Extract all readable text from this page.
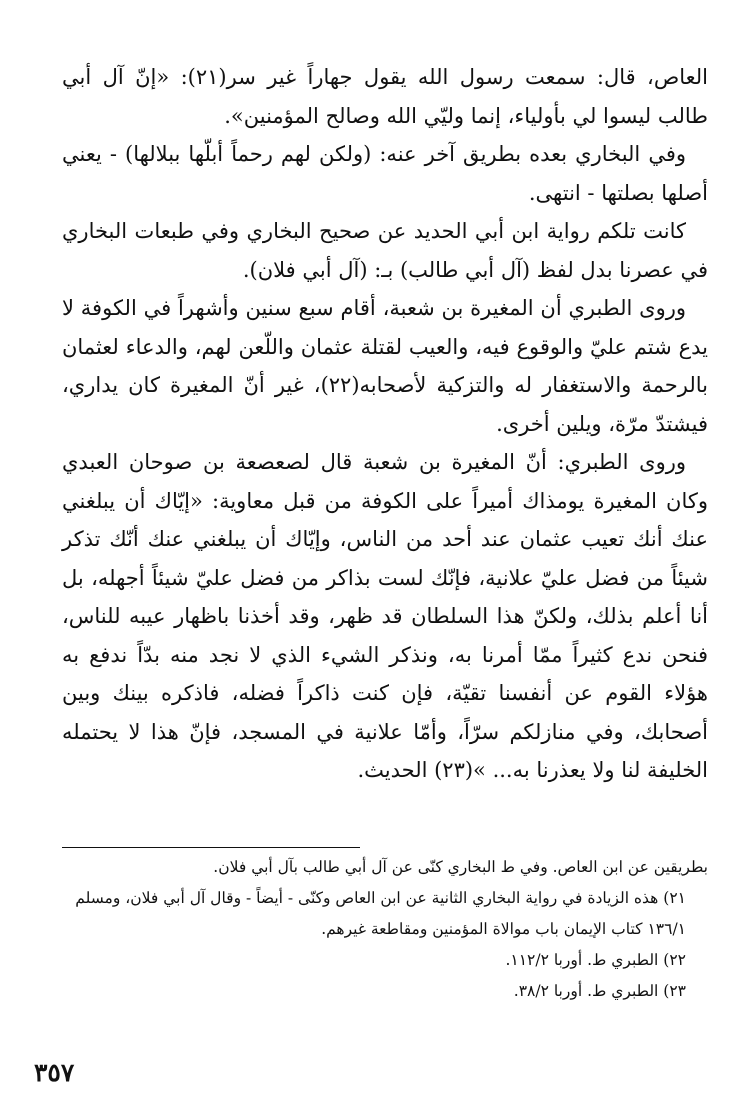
العاص، قال: سمعت رسول الله يقول جهاراً غير سر(٢١): «إنّ آل أبي طالب ليسوا لي بأولياء، إنما وليّي الله وصالح المؤمنين».

وفي البخاري بعده بطريق آخر عنه: (ولكن لهم رحماً أبلّها ببلالها) - يعني أصلها بصلتها - انتهى.

كانت تلكم رواية ابن أبي الحديد عن صحيح البخاري وفي طبعات البخاري في عصرنا بدل لفظ (آل أبي طالب) بـ: (آل أبي فلان).

وروى الطبري أن المغيرة بن شعبة، أقام سبع سنين وأشهراً في الكوفة لا يدع شتم عليّ والوقوع فيه، والعيب لقتلة عثمان واللّعن لهم، والدعاء لعثمان بالرحمة والاستغفار له والتزكية لأصحابه(٢٢)، غير أنّ المغيرة كان يداري، فيشتدّ مرّة، ويلين أخرى.

وروى الطبري: أنّ المغيرة بن شعبة قال لصعصعة بن صوحان العبدي وكان المغيرة يومذاك أميراً على الكوفة من قبل معاوية: «إيّاك أن يبلغني عنك أنك تعيب عثمان عند أحد من الناس، وإيّاك أن يبلغني عنك أنّك تذكر شيئاً من فضل عليّ علانية، فإنّك لست بذاكر من فضل عليّ شيئاً أجهله، بل أنا أعلم بذلك، ولكنّ هذا السلطان قد ظهر، وقد أخذنا باظهار عيبه للناس، فنحن ندع كثيراً ممّا أمرنا به، ونذكر الشيء الذي لا نجد منه بدّاً ندفع به هؤلاء القوم عن أنفسنا تقيّة، فإن كنت ذاكراً فضله، فاذكره بينك وبين أصحابك، وفي منازلكم سرّاً، وأمّا علانية في المسجد، فإنّ هذا لا يحتمله الخليفة لنا ولا يعذرنا به... »(٢٣) الحديث.

بطريقين عن ابن العاص. وفي ط البخاري كنّى عن آل أبي طالب بآل أبي فلان.

٢١) هذه الزيادة في رواية البخاري الثانية عن ابن العاص وكنّى - أيضاً - وقال آل أبي فلان، ومسلم ١٣٦/١ كتاب الإيمان باب موالاة المؤمنين ومقاطعة غيرهم.

٢٢) الطبري ط. أوربا ١١٢/٢.

٢٣) الطبري ط. أوربا ٣٨/٢.

٣٥٧
